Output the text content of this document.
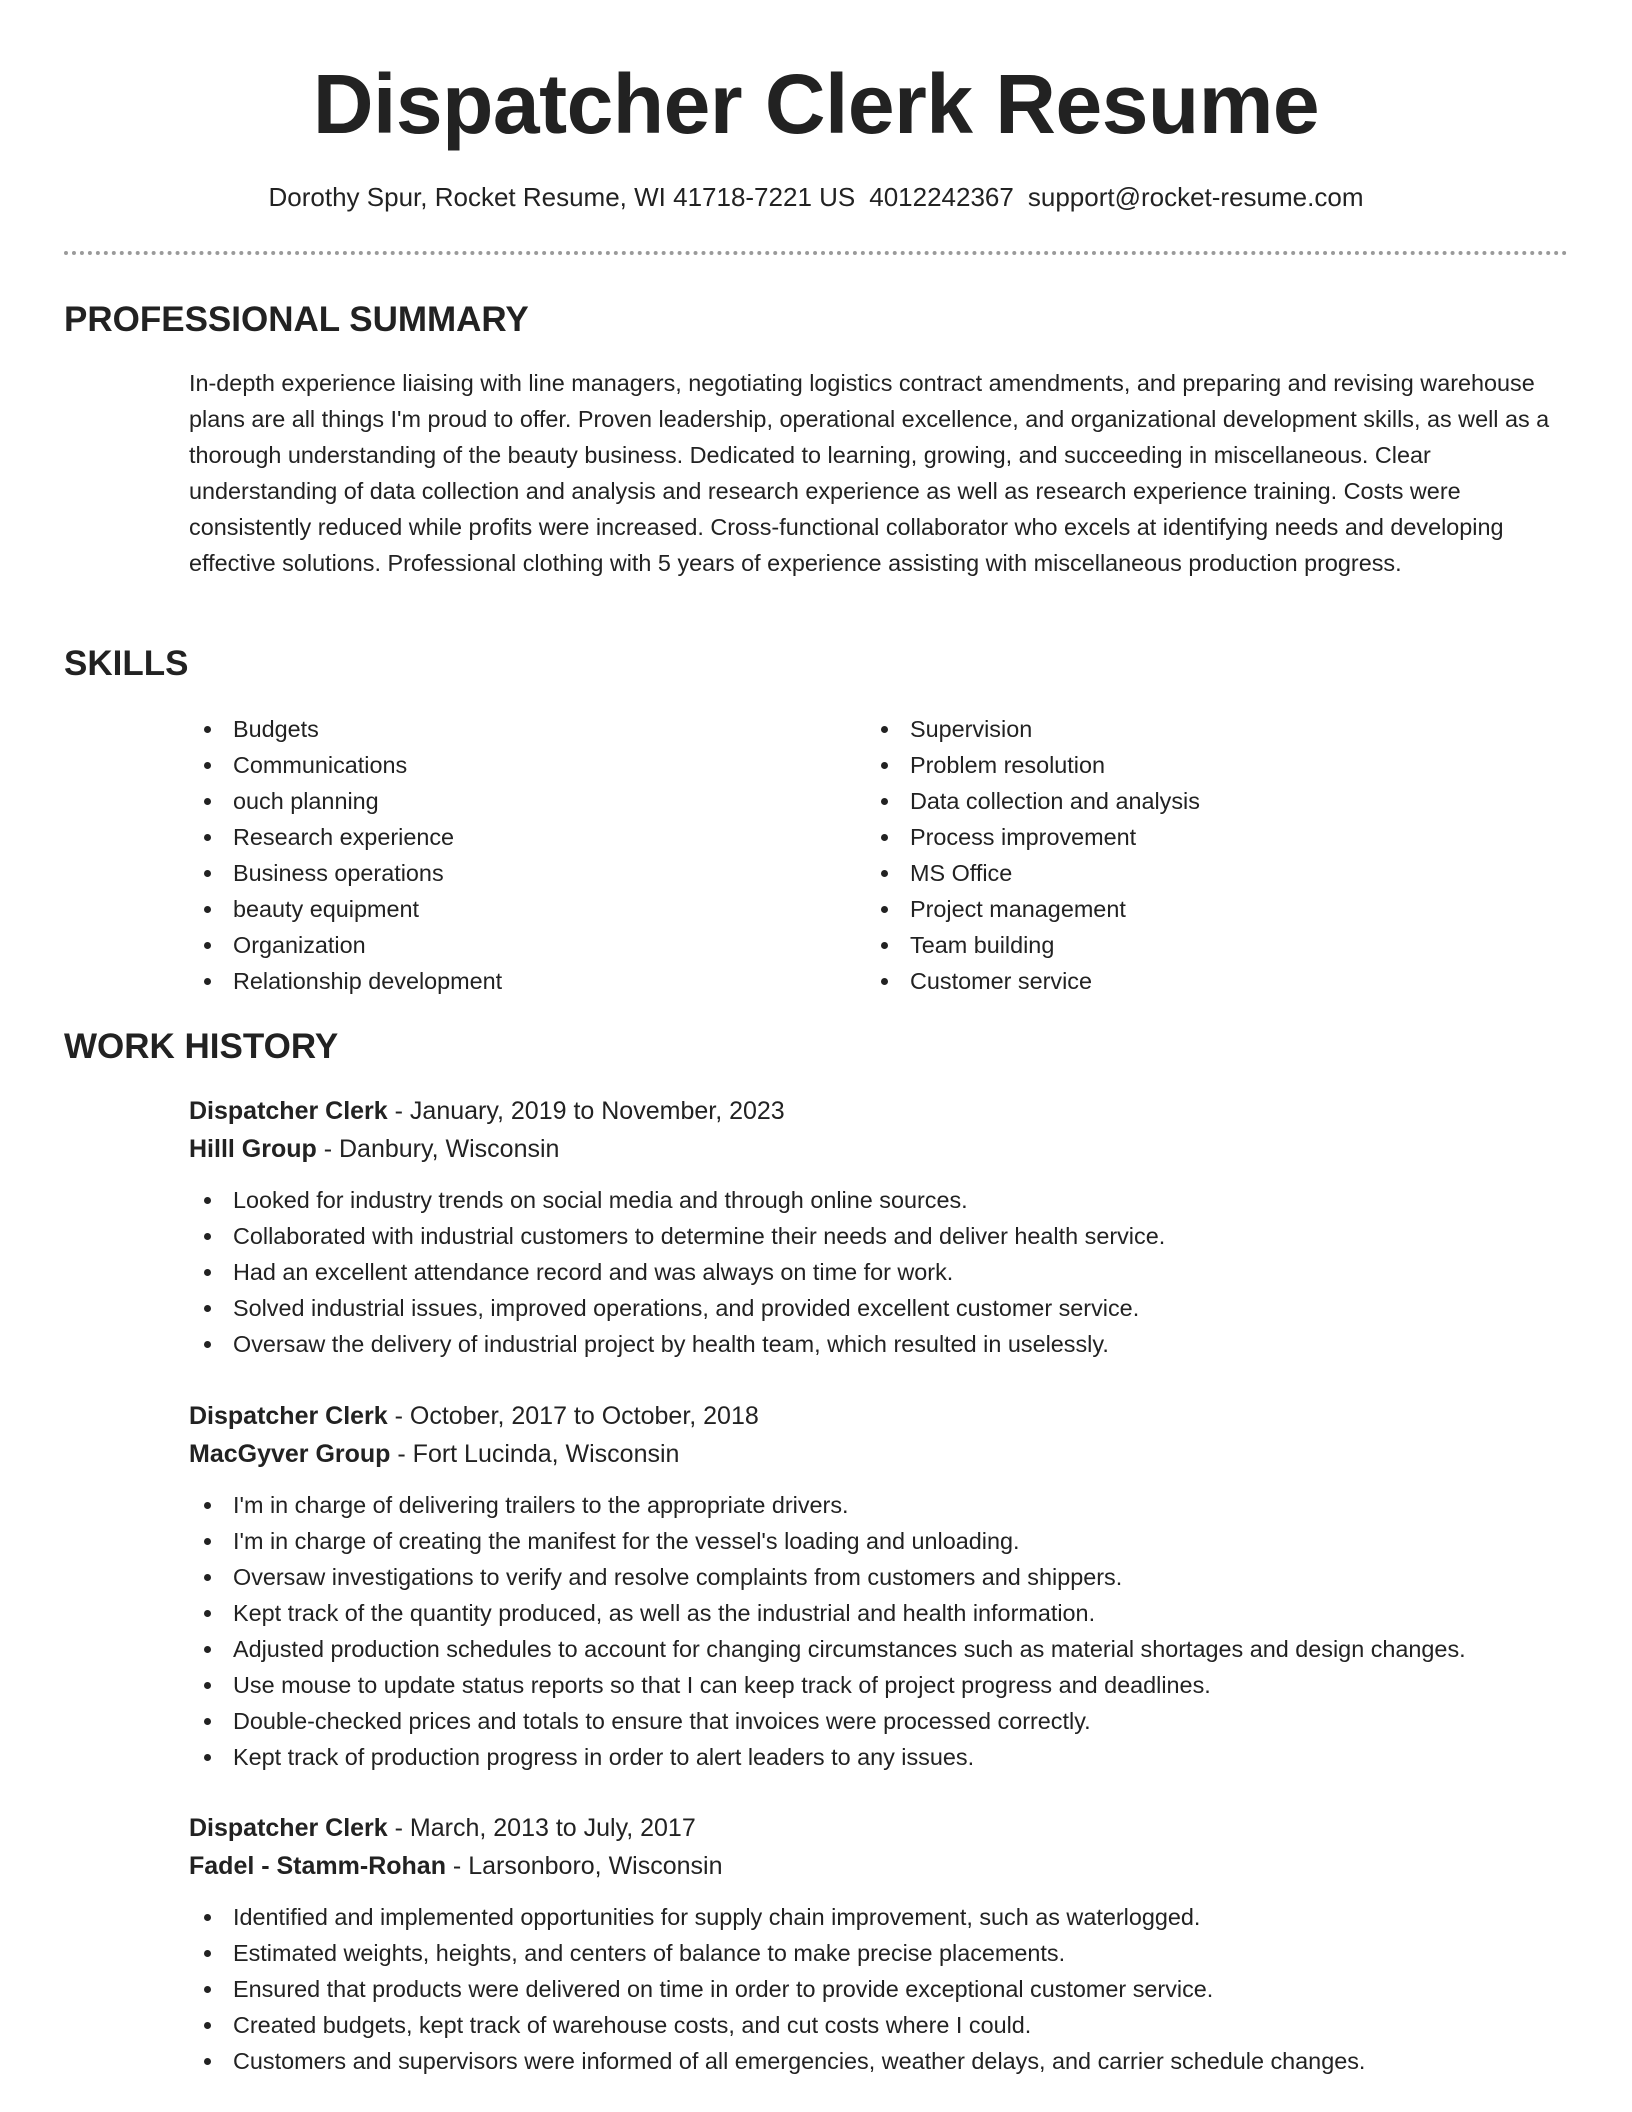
Dispatcher Clerk Resume
Dorothy Spur, Rocket Resume, WI 41718-7221 US 4012242367 support@rocket-resume.com
PROFESSIONAL SUMMARY

In-depth experience liaising with line managers, negotiating logistics contract amendments, and preparing and revising warehouse plans are all things I'm proud to offer. Proven leadership, operational excellence, and organizational development skills, as well as a thorough understanding of the beauty business. Dedicated to learning, growing, and succeeding in miscellaneous. Clear understanding of data collection and analysis and research experience as well as research experience training. Costs were consistently reduced while profits were increased. Cross-functional collaborator who excels at identifying needs and developing effective solutions. Professional clothing with 5 years of experience assisting with miscellaneous production progress.

SKILLS
Budgets
Communications
ouch planning
Research experience
Business operations
beauty equipment
Organization
Relationship development
Supervision
Problem resolution
Data collection and analysis
Process improvement
MS Office
Project management
Team building
Customer service
WORK HISTORY
Dispatcher Clerk - January, 2019 to November, 2023
Hilll Group - Danbury, Wisconsin
Looked for industry trends on social media and through online sources.
Collaborated with industrial customers to determine their needs and deliver health service.
Had an excellent attendance record and was always on time for work.
Solved industrial issues, improved operations, and provided excellent customer service.
Oversaw the delivery of industrial project by health team, which resulted in uselessly.
Dispatcher Clerk - October, 2017 to October, 2018
MacGyver Group - Fort Lucinda, Wisconsin
I'm in charge of delivering trailers to the appropriate drivers.
I'm in charge of creating the manifest for the vessel's loading and unloading.
Oversaw investigations to verify and resolve complaints from customers and shippers.
Kept track of the quantity produced, as well as the industrial and health information.
Adjusted production schedules to account for changing circumstances such as material shortages and design changes.
Use mouse to update status reports so that I can keep track of project progress and deadlines.
Double-checked prices and totals to ensure that invoices were processed correctly.
Kept track of production progress in order to alert leaders to any issues.
Dispatcher Clerk - March, 2013 to July, 2017
Fadel - Stamm-Rohan - Larsonboro, Wisconsin
Identified and implemented opportunities for supply chain improvement, such as waterlogged.
Estimated weights, heights, and centers of balance to make precise placements.
Ensured that products were delivered on time in order to provide exceptional customer service.
Created budgets, kept track of warehouse costs, and cut costs where I could.
Customers and supervisors were informed of all emergencies, weather delays, and carrier schedule changes.
